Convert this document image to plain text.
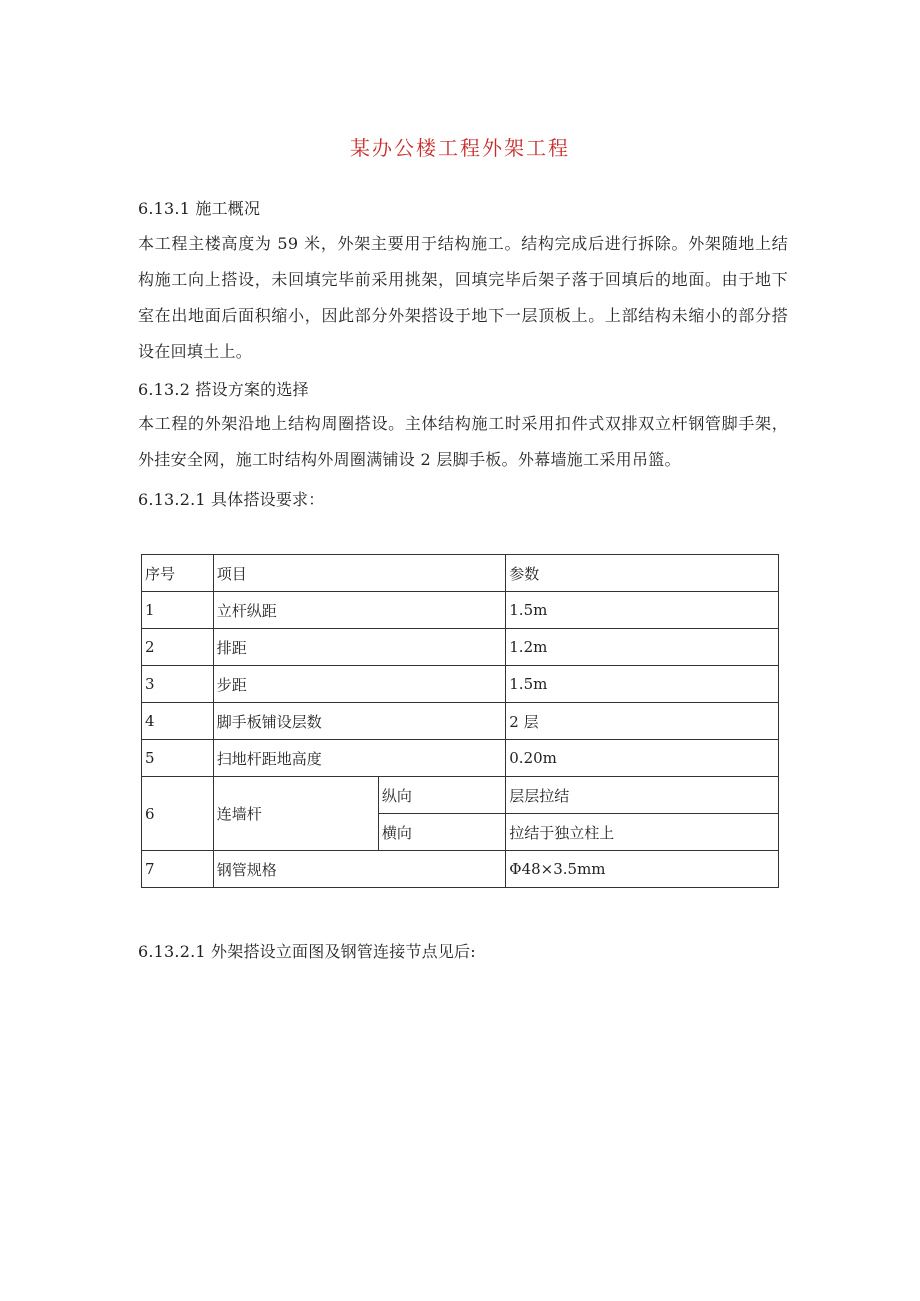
某办公楼工程外架工程
6.13.1 施工概况
本工程主楼高度为 59 米，外架主要用于结构施工。结构完成后进行拆除。外架随地上结构施工向上搭设，未回填完毕前采用挑架，回填完毕后架子落于回填后的地面。由于地下室在出地面后面积缩小，因此部分外架搭设于地下一层顶板上。上部结构未缩小的部分搭设在回填土上。
6.13.2 搭设方案的选择
本工程的外架沿地上结构周圈搭设。主体结构施工时采用扣件式双排双立杆钢管脚手架，外挂安全网，施工时结构外周圈满铺设 2 层脚手板。外幕墙施工采用吊篮。
6.13.2.1 具体搭设要求：
序号	项目		参数
1	立杆纵距		1.5m
2	排距		1.2m
3	步距		1.5m
4	脚手板铺设层数		2 层
5	扫地杆距地高度		0.20m
6	连墙杆	纵向	层层拉结
		横向	拉结于独立柱上
7	钢管规格		Φ48×3.5mm
6.13.2.1 外架搭设立面图及钢管连接节点见后:
